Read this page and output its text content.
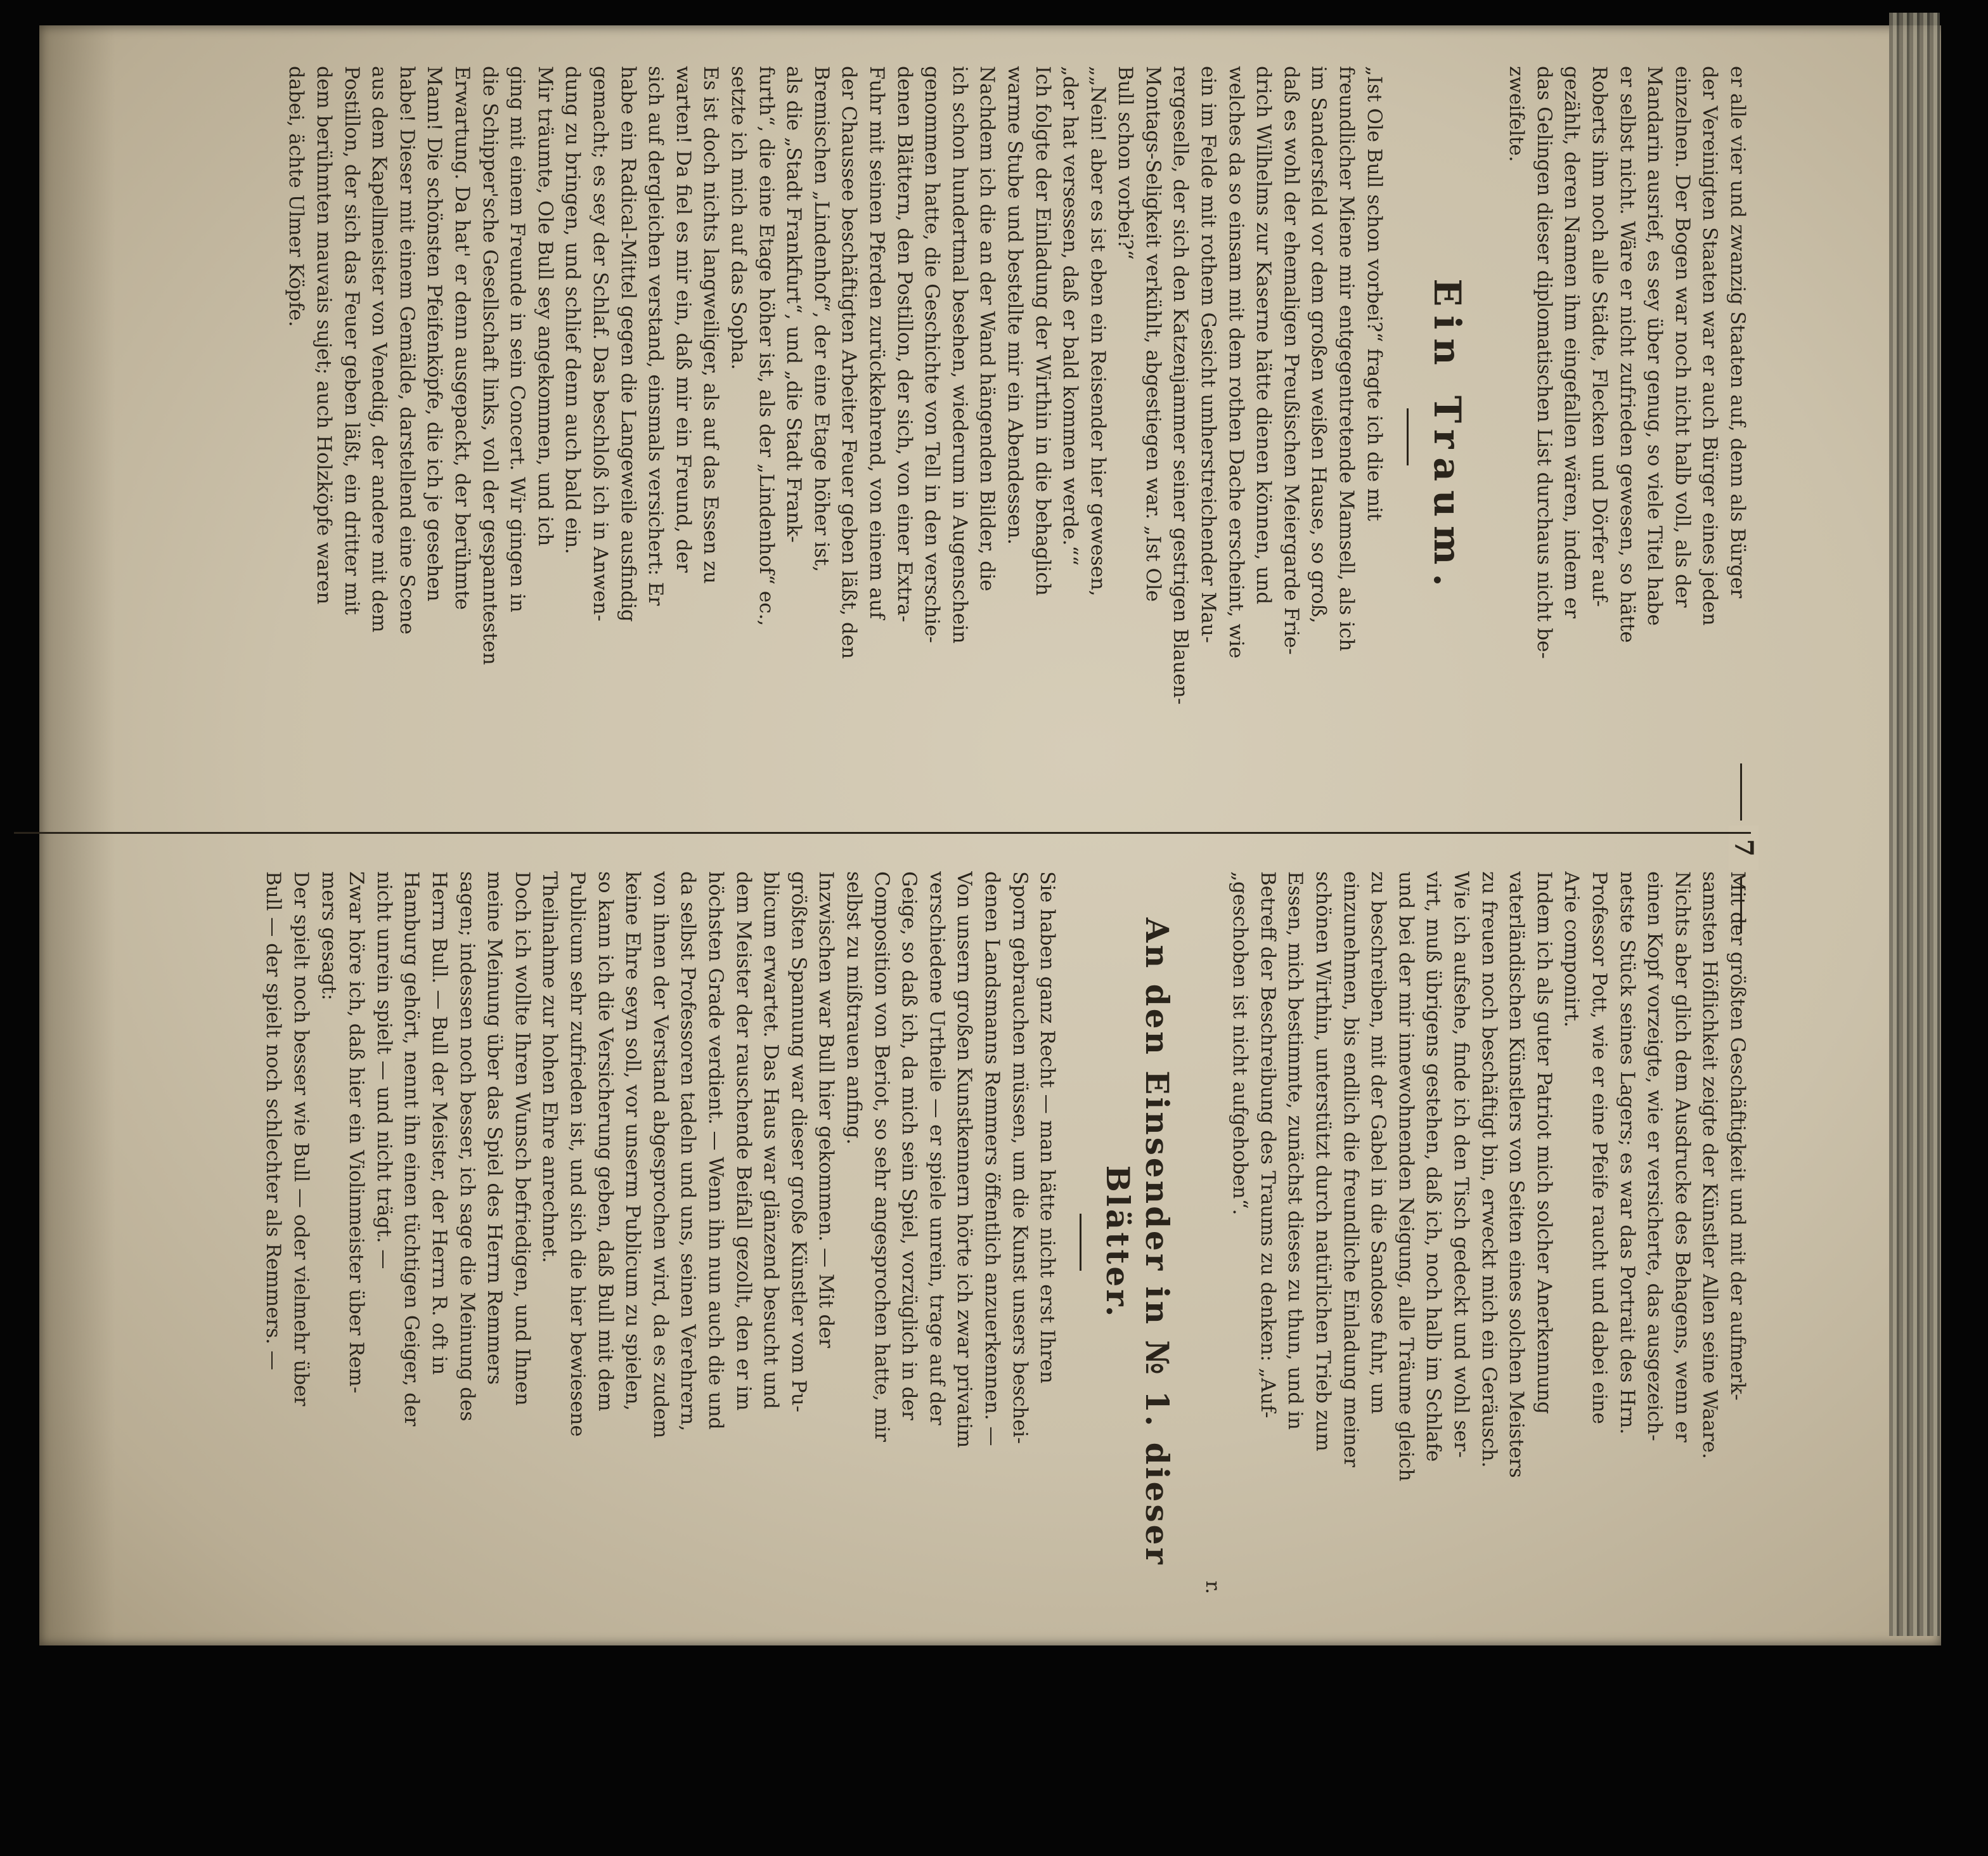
7
er alle vier und zwanzig Staaten auf, denn als Bürger
der Vereinigten Staaten war er auch Bürger eines jeden
einzelnen. Der Bogen war noch nicht halb voll, als der
Mandarin ausrief, es sey über genug, so viele Titel habe
er selbst nicht. Wäre er nicht zufrieden gewesen, so hätte
Roberts ihm noch alle Städte, Flecken und Dörfer auf-
gezählt, deren Namen ihm eingefallen wären, indem er
das Gelingen dieser diplomatischen List durchaus nicht be-
zweifelte.
Ein Traum.
„Ist Ole Bull schon vorbei?“ fragte ich die mit
freundlicher Miene mir entgegentretende Mamsell, als ich
im Sandersfeld vor dem großen weißen Hause, so groß,
daß es wohl der ehemaligen Preußischen Meiergarde Frie-
drich Wilhelms zur Kaserne hätte dienen können, und
welches da so einsam mit dem rothen Dache erscheint, wie
ein im Felde mit rothem Gesicht umherstreichender Mau-
rergeselle, der sich den Katzenjammer seiner gestrigen Blauen-
Montags-Seligkeit verkühlt, abgestiegen war. „Ist Ole
Bull schon vorbei?“
„„Nein! aber es ist eben ein Reisender hier gewesen,
„der hat versessen, daß er bald kommen werde.““
Ich folgte der Einladung der Wirthin in die behaglich
warme Stube und bestellte mir ein Abendessen.
Nachdem ich die an der Wand hängenden Bilder, die
ich schon hundertmal besehen, wiederum in Augenschein
genommen hatte, die Geschichte von Tell in den verschie-
denen Blättern, den Postillon, der sich, von einer Extra-
Fuhr mit seinen Pferden zurückkehrend, von einem auf
der Chaussee beschäftigten Arbeiter Feuer geben läßt, den
Bremischen „Lindenhof“, der eine Etage höher ist,
als die „Stadt Frankfurt“, und „die Stadt Frank-
furth“, die eine Etage höher ist, als der „Lindenhof“ ec.,
setzte ich mich auf das Sopha.
Es ist doch nichts langweiliger, als auf das Essen zu
warten! Da fiel es mir ein, daß mir ein Freund, der
sich auf dergleichen verstand, einsmals versichert: Er
habe ein Radical-Mittel gegen die Langeweile ausfindig
gemacht; es sey der Schlaf. Das beschloß ich in Anwen-
dung zu bringen, und schlief denn auch bald ein.
Mir träumte, Ole Bull sey angekommen, und ich
ging mit einem Freunde in sein Concert. Wir gingen in
die Schipper'sche Gesellschaft links, voll der gespanntesten
Erwartung. Da hat' er denn ausgepackt, der berühmte
Mann! Die schönsten Pfeifenköpfe, die ich je gesehen
habe! Dieser mit einem Gemälde, darstellend eine Scene
aus dem Kapellmeister von Venedig, der andere mit dem
Postillon, der sich das Feuer geben läßt, ein dritter mit
dem berühmten mauvais sujet; auch Holzköpfe waren
dabei, ächte Ulmer Köpfe.
Mit der größten Geschäftigkeit und mit der aufmerk-
samsten Höflichkeit zeigte der Künstler Allen seine Waare.
Nichts aber glich dem Ausdrucke des Behagens, wenn er
einen Kopf vorzeigte, wie er versicherte, das ausgezeich-
netste Stück seines Lagers; es war das Portrait des Hrn.
Professor Pott, wie er eine Pfeife raucht und dabei eine
Arie componirt.
Indem ich als guter Patriot mich solcher Anerkennung
vaterländischen Künstlers von Seiten eines solchen Meisters
zu freuen noch beschäftigt bin, erweckt mich ein Geräusch.
Wie ich aufsehe, finde ich den Tisch gedeckt und wohl ser-
virt, muß übrigens gestehen, daß ich, noch halb im Schlafe
und bei der mir innewohnenden Neigung, alle Träume gleich
zu beschreiben, mit der Gabel in die Sandose fuhr, um
einzunehmen, bis endlich die freundliche Einladung meiner
schönen Wirthin, unterstützt durch natürlichen Trieb zum
Essen, mich bestimmte, zunächst dieses zu thun, und in
Betreff der Beschreibung des Traums zu denken: „Auf-
„geschoben ist nicht aufgehoben“.
r.
An den Einsender in № 1. dieser Blätter.
Sie haben ganz Recht — man hätte nicht erst Ihren
Sporn gebrauchen müssen, um die Kunst unsers beschei-
denen Landsmanns Remmers öffentlich anzuerkennen. —
Von unsern großen Kunstkennern hörte ich zwar privatim
verschiedene Urtheile — er spiele unrein, trage auf der
Geige, so daß ich, da mich sein Spiel, vorzüglich in der
Composition von Beriot, so sehr angesprochen hatte, mir
selbst zu mißtrauen anfing.
Inzwischen war Bull hier gekommen. — Mit der
größten Spannung war dieser große Künstler vom Pu-
blicum erwartet. Das Haus war glänzend besucht und
dem Meister der rauschende Beifall gezollt, den er im
höchsten Grade verdient. — Wenn ihn nun auch die und
da selbst Professoren tadeln und uns, seinen Verehrern,
von ihnen der Verstand abgesprochen wird, da es zudem
keine Ehre seyn soll, vor unserm Publicum zu spielen,
so kann ich die Versicherung geben, daß Bull mit dem
Publicum sehr zufrieden ist, und sich die hier bewiesene
Theilnahme zur hohen Ehre anrechnet.
Doch ich wollte Ihren Wunsch befriedigen, und Ihnen
meine Meinung über das Spiel des Herrn Remmers
sagen; indessen noch besser, ich sage die Meinung des
Herrn Bull. — Bull der Meister, der Herrn R. oft in
Hamburg gehört, nennt ihn einen tüchtigen Geiger, der
nicht unrein spielt — und nicht trägt. —
Zwar höre ich, daß hier ein Violinmeister über Rem-
mers gesagt:
Der spielt noch besser wie Bull — oder vielmehr über
Bull — der spielt noch schlechter als Remmers. —
